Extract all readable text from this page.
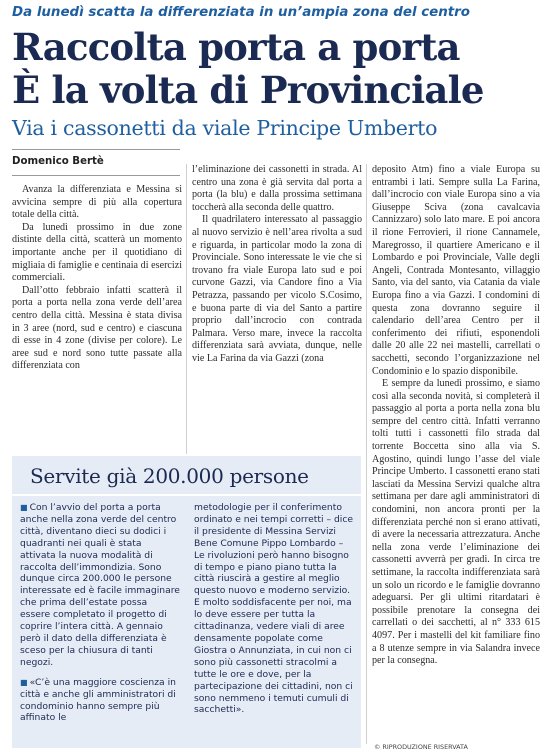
Da lunedì scatta la differenziata in un’ampia zona del centro
Raccolta porta a porta
È la volta di Provinciale
Via i cassonetti da viale Principe Umberto
Domenico Bertè

Avanza la differenziata e Messina si avvicina sempre di più alla copertura totale della città.

Da lunedì prossimo in due zone distinte della città, scatterà un momento importante anche per il quotidiano di migliaia di famiglie e centinaia di esercizi commerciali.

Dall’otto febbraio infatti scatterà il porta a porta nella zona verde dell’area centro della città. Messina è stata divisa in 3 aree (nord, sud e centro) e ciascuna di esse in 4 zone (divise per colore). Le aree sud e nord sono tutte passate alla differenziata con

l’eliminazione dei cassonetti in strada. Al centro una zona è già servita dal porta a porta (la blu) e dalla prossima settimana toccherà alla seconda delle quattro.

Il quadrilatero interessato al passaggio al nuovo servizio è nell’area rivolta a sud e riguarda, in particolar modo la zona di Provinciale. Sono interessate le vie che si trovano fra viale Europa lato sud e poi curvone Gazzi, via Candore fino a Via Petrazza, passando per vicolo S.Cosimo, e buona parte di via del Santo a partire proprio dall’incrocio con contrada Palmara. Verso mare, invece la raccolta differenziata sarà avviata, dunque, nelle vie La Farina da via Gazzi (zona

deposito Atm) fino a viale Europa su entrambi i lati. Sempre sulla La Farina, dall’incrocio con viale Europa sino a via Giuseppe Sciva (zona cavalcavia Cannizzaro) solo lato mare. E poi ancora il rione Ferrovieri, il rione Cannamele, Maregrosso, il quartiere Americano e il Lombardo e poi Provinciale, Valle degli Angeli, Contrada Montesanto, villaggio Santo, via del santo, via Catania da viale Europa fino a via Gazzi. I condomini di questa zona dovranno seguire il calendario dell’area Centro per il conferimento dei rifiuti, esponendoli dalle 20 alle 22 nei mastelli, carrellati o sacchetti, secondo l’organizzazione nel Condominio e lo spazio disponibile.

E sempre da lunedì prossimo, e siamo così alla seconda novità, si completerà il passaggio al porta a porta nella zona blu sempre del centro città. Infatti verranno tolti tutti i cassonetti filo strada dal torrente Boccetta sino alla via S. Agostino, quindi lungo l’asse del viale Principe Umberto. I cassonetti erano stati lasciati da Messina Servizi qualche altra settimana per dare agli amministratori di condomini, non ancora pronti per la differenziata perché non si erano attivati, di avere la necessaria attrezzatura. Anche nella zona verde l’eliminazione dei cassonetti avverrà per gradi. In circa tre settimane, la raccolta indifferenziata sarà un solo un ricordo e le famiglie dovranno adeguarsi. Per gli ultimi ritardatari è possibile prenotare la consegna dei carrellati o dei sacchetti, al n° 333 615 4097. Per i mastelli del kit familiare fino a 8 utenze sempre in via Salandra invece per la consegna.

Servite già 200.000 persone

■ Con l’avvio del porta a porta anche nella zona verde del centro città, diventano dieci su dodici i quadranti nei quali è stata attivata la nuova modalità di raccolta dell’immondizia. Sono dunque circa 200.000 le persone interessate ed è facile immaginare che prima dell’estate possa essere completato il progetto di coprire l’intera città. A gennaio però il dato della differenziata è sceso per la chiusura di tanti negozi.

■ «C’è una maggiore coscienza in città e anche gli amministratori di condominio hanno sempre più affinato le

metodologie per il conferimento ordinato e nei tempi corretti – dice il presidente di Messina Servizi Bene Comune Pippo Lombardo – Le rivoluzioni però hanno bisogno di tempo e piano piano tutta la città riuscirà a gestire al meglio questo nuovo e moderno servizio. E molto soddisfacente per noi, ma lo deve essere per tutta la cittadinanza, vedere viali di aree densamente popolate come Giostra o Annunziata, in cui non ci sono più cassonetti stracolmi a tutte le ore e dove, per la partecipazione dei cittadini, non ci sono nemmeno i temuti cumuli di sacchetti».

© RIPRODUZIONE RISERVATA
